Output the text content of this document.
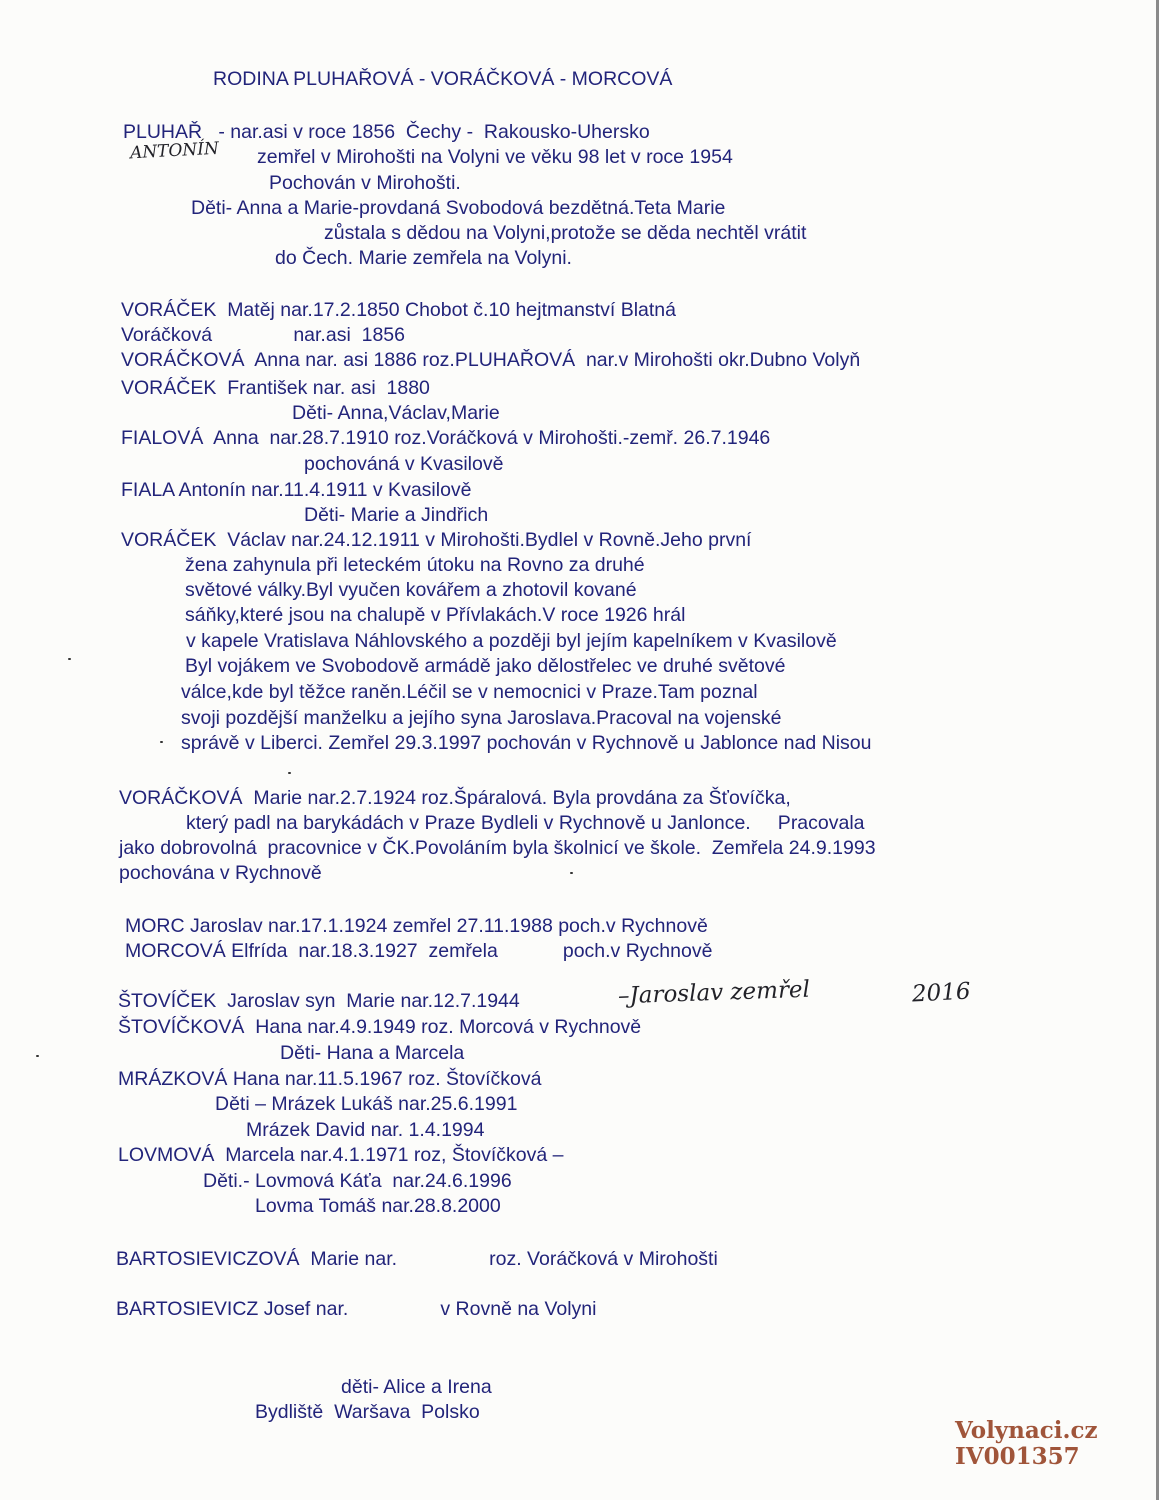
RODINA PLUHAŘOVÁ - VORÁČKOVÁ - MORCOVÁ
PLUHAŘ   - nar.asi v roce 1856  Čechy -  Rakousko-Uhersko
ANTONÍN zemřel v Mirohošti na Volyni ve věku 98 let v roce 1954
Pochován v Mirohošti.
Děti- Anna a Marie-provdaná Svobodová bezdětná.Teta Marie
zůstala s dědou na Volyni,protože se děda nechtěl vrátit
do Čech. Marie zemřela na Volyni.
VORÁČEK  Matěj nar.17.2.1850 Chobot č.10 hejtmanství Blatná
Voráčková               nar.asi  1856
VORÁČKOVÁ  Anna nar. asi 1886 roz.PLUHAŘOVÁ  nar.v Mirohošti okr.Dubno Volyň
VORÁČEK  František nar. asi  1880
Děti- Anna,Václav,Marie
FIALOVÁ  Anna  nar.28.7.1910 roz.Voráčková v Mirohošti.-zemř. 26.7.1946
pochováná v Kvasilově
FIALA Antonín nar.11.4.1911 v Kvasilově
Děti- Marie a Jindřich
VORÁČEK  Václav nar.24.12.1911 v Mirohošti.Bydlel v Rovně.Jeho první
žena zahynula při leteckém útoku na Rovno za druhé
světové války.Byl vyučen kovářem a zhotovil kované
sáňky,které jsou na chalupě v Přívlakách.V roce 1926 hrál
v kapele Vratislava Náhlovského a později byl jejím kapelníkem v Kvasilově
Byl vojákem ve Svobodově armádě jako dělostřelec ve druhé světové
válce,kde byl těžce raněn.Léčil se v nemocnici v Praze.Tam poznal
svoji pozdější manželku a jejího syna Jaroslava.Pracoval na vojenské
správě v Liberci. Zemřel 29.3.1997 pochován v Rychnově u Jablonce nad Nisou
VORÁČKOVÁ  Marie nar.2.7.1924 roz.Špáralová. Byla provdána za Šťovíčka,
který padl na barykádách v Praze Bydleli v Rychnově u Janlonce.     Pracovala
jako dobrovolná  pracovnice v ČK.Povoláním byla školnicí ve škole.  Zemřela 24.9.1993
pochována v Rychnově
MORC Jaroslav nar.17.1.1924 zemřel 27.11.1988 poch.v Rychnově
MORCOVÁ Elfrída  nar.18.3.1927  zemřela            poch.v Rychnově
ŠTOVÍČEK  Jaroslav syn  Marie nar.12.7.1944	–Jaroslav zemřel	2016
ŠTOVÍČKOVÁ  Hana nar.4.9.1949 roz. Morcová v Rychnově
Děti- Hana a Marcela
MRÁZKOVÁ Hana nar.11.5.1967 roz. Štovíčková
Děti – Mrázek Lukáš nar.25.6.1991
Mrázek David nar. 1.4.1994
LOVMOVÁ  Marcela nar.4.1.1971 roz, Štovíčková –
Děti.- Lovmová Káťa  nar.24.6.1996
Lovma Tomáš nar.28.8.2000
BARTOSIEVICZOVÁ  Marie nar.                 roz. Voráčková v Mirohošti
BARTOSIEVICZ Josef nar.                 v Rovně na Volyni
děti- Alice a Irena
Bydliště  Waršava  Polsko
Volynaci.cz
IV001357
